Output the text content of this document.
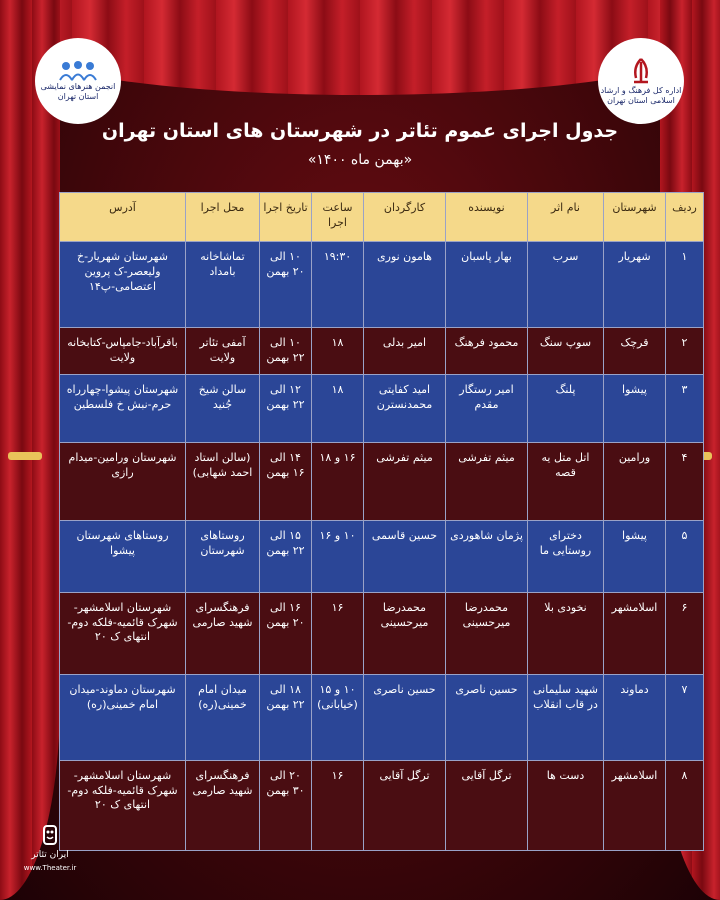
انجمن هنرهای نمایشی استان تهران
اداره کل فرهنگ و ارشاد اسلامی استان تهران
جدول اجرای عموم تئاتر در شهرستان های استان تهران
«بهمن ماه ۱۴۰۰»
ردیف	شهرستان	نام اثر	نویسنده	کارگردان	ساعت اجرا	تاریخ اجرا	محل اجرا	آدرس
۱	شهریار	سرب	بهار پاسبان	هامون نوری	۱۹:۳۰	۱۰ الی ۲۰ بهمن	تماشاخانه بامداد	شهرستان شهریار-خ ولیعصر-ک پروین اعتصامی-پ۱۴
۲	قرچک	سوپ سنگ	محمود فرهنگ	امیر بدلی	۱۸	۱۰ الی ۲۲ بهمن	آمفی تئاتر ولایت	باقرآباد-جامپاس-کتابخانه ولایت
۳	پیشوا	پلنگ	امیر رستگار مقدم	امید کفایتی محمدنسترن	۱۸	۱۲ الی ۲۲ بهمن	سالن شیخ جُنید	شهرستان پیشوا-چهارراه حرم-نبش خ فلسطین
۴	ورامین	اتل متل یه قصه	میثم تفرشی	میثم تفرشی	۱۶ و ۱۸	۱۴ الی ۱۶ بهمن	(سالن استاد احمد شهابی)	شهرستان ورامین-میدام رازی
۵	پیشوا	دخترای روستایی ما	پژمان شاهوردی	حسین قاسمی	۱۰ و ۱۶	۱۵ الی ۲۲ بهمن	روستاهای شهرستان	روستاهای شهرستان پیشوا
۶	اسلامشهر	نخودی بلا	محمدرضا میرحسینی	محمدرضا میرحسینی	۱۶	۱۶ الی ۲۰ بهمن	فرهنگسرای شهید صارمی	شهرستان اسلامشهر-شهرک قائمیه-فلکه دوم-انتهای ک ۲۰
۷	دماوند	شهید سلیمانی در قاب انقلاب	حسین ناصری	حسین ناصری	۱۰ و ۱۵ (خیابانی)	۱۸ الی ۲۲ بهمن	میدان امام خمینی(ره)	شهرستان دماوند-میدان امام خمینی(ره)
۸	اسلامشهر	دست ها	ترگل آقایی	ترگل آقایی	۱۶	۲۰ الی ۳۰ بهمن	فرهنگسرای شهید صارمی	شهرستان اسلامشهر-شهرک قائمیه-فلکه دوم-انتهای ک ۲۰
ایران تئاتر
www.Theater.ir
